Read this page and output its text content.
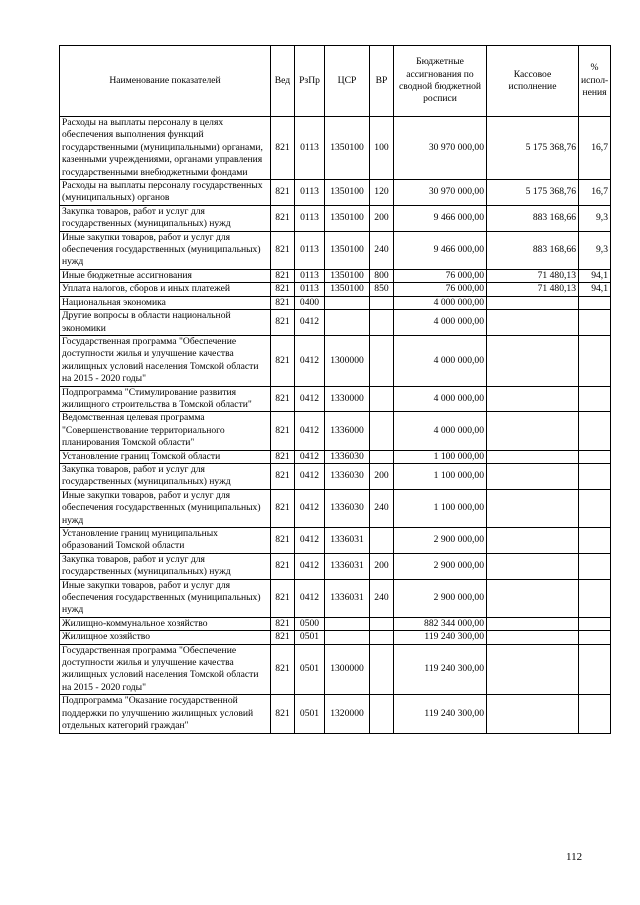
Наименование показателей	Вед	РзПр	ЦСР	ВР	Бюджетные ассигнования по сводной бюджетной росписи	Кассовое исполнение	% испол-нения
Расходы на выплаты персоналу в целях обеспечения выполнения функций государственными (муниципальными) органами, казенными учреждениями, органами управления государственными внебюджетными фондами	821	0113	1350100	100	30 970 000,00	5 175 368,76	16,7
Расходы на выплаты персоналу государственных (муниципальных) органов	821	0113	1350100	120	30 970 000,00	5 175 368,76	16,7
Закупка товаров, работ и услуг для государственных (муниципальных) нужд	821	0113	1350100	200	9 466 000,00	883 168,66	9,3
Иные закупки товаров, работ и услуг для обеспечения государственных (муниципальных) нужд	821	0113	1350100	240	9 466 000,00	883 168,66	9,3
Иные бюджетные ассигнования	821	0113	1350100	800	76 000,00	71 480,13	94,1
Уплата налогов, сборов и иных платежей	821	0113	1350100	850	76 000,00	71 480,13	94,1
Национальная экономика	821	0400			4 000 000,00		
Другие вопросы в области национальной экономики	821	0412			4 000 000,00		
Государственная программа "Обеспечение доступности жилья и улучшение качества жилищных условий населения Томской области на 2015 - 2020 годы"	821	0412	1300000		4 000 000,00		
Подпрограмма "Стимулирование развития жилищного строительства в Томской области"	821	0412	1330000		4 000 000,00		
Ведомственная целевая программа "Совершенствование территориального планирования Томской области"	821	0412	1336000		4 000 000,00		
Установление границ Томской области	821	0412	1336030		1 100 000,00		
Закупка товаров, работ и услуг для государственных (муниципальных) нужд	821	0412	1336030	200	1 100 000,00		
Иные закупки товаров, работ и услуг для обеспечения государственных (муниципальных) нужд	821	0412	1336030	240	1 100 000,00		
Установление границ муниципальных образований Томской области	821	0412	1336031		2 900 000,00		
Закупка товаров, работ и услуг для государственных (муниципальных) нужд	821	0412	1336031	200	2 900 000,00		
Иные закупки товаров, работ и услуг для обеспечения государственных (муниципальных) нужд	821	0412	1336031	240	2 900 000,00		
Жилищно-коммунальное хозяйство	821	0500			882 344 000,00		
Жилищное хозяйство	821	0501			119 240 300,00		
Государственная программа "Обеспечение доступности жилья и улучшение качества жилищных условий населения Томской области на 2015 - 2020 годы"	821	0501	1300000		119 240 300,00		
Подпрограмма "Оказание государственной поддержки по улучшению жилищных условий отдельных категорий граждан"	821	0501	1320000		119 240 300,00		
112
